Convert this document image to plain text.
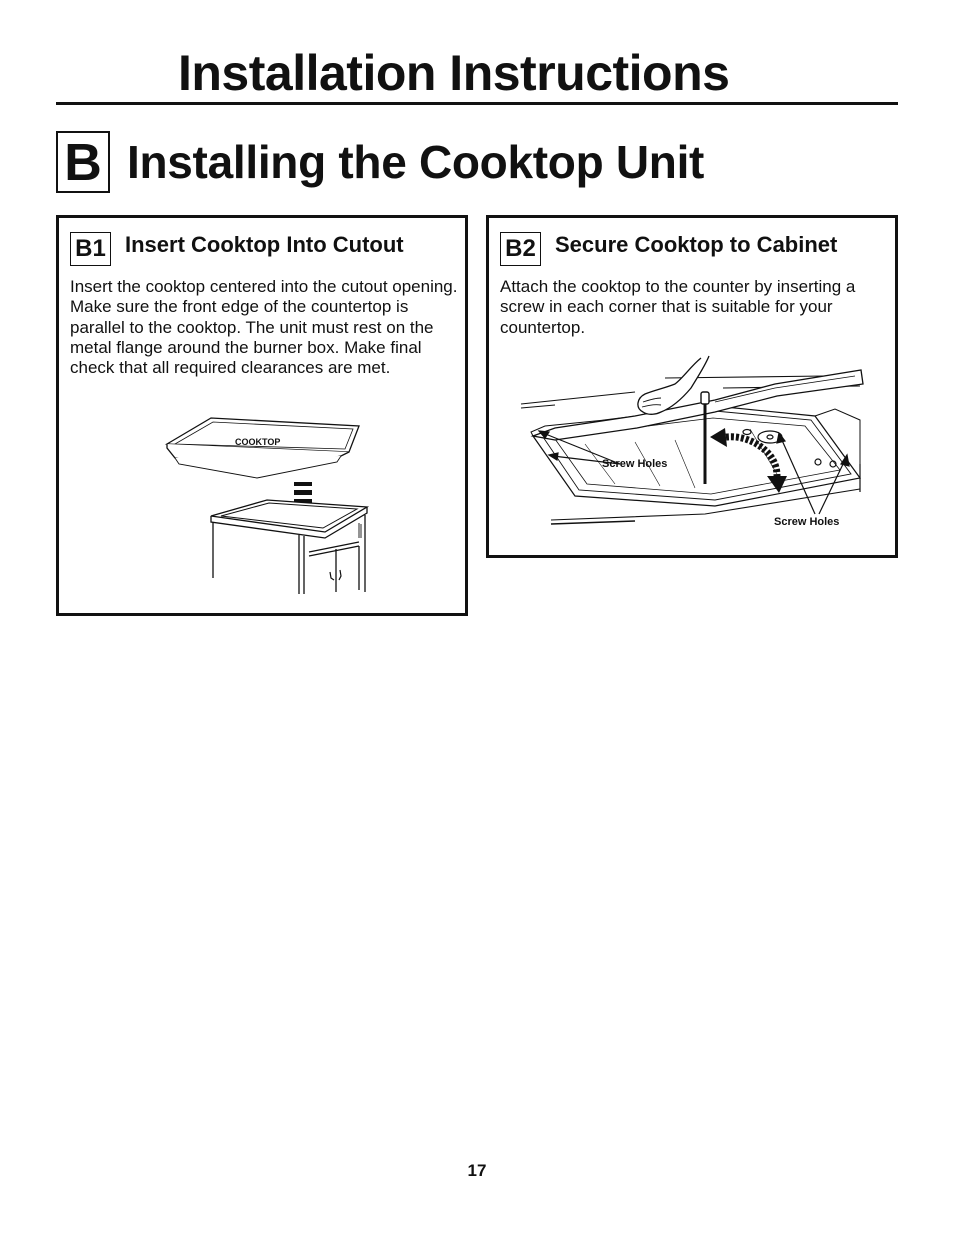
Installation Instructions
B Installing the Cooktop Unit
B1 Insert Cooktop Into Cutout

Insert the cooktop centered into the cutout opening. Make sure the front edge of the countertop is parallel to the cooktop. The unit must rest on the metal flange around the burner box. Make final check that all required clearances are met.

COOKTOP
B2 Secure Cooktop to Cabinet

Attach the cooktop to the counter by inserting a screw in each corner that is suitable for your countertop.

Screw Holes
Screw Holes
17
